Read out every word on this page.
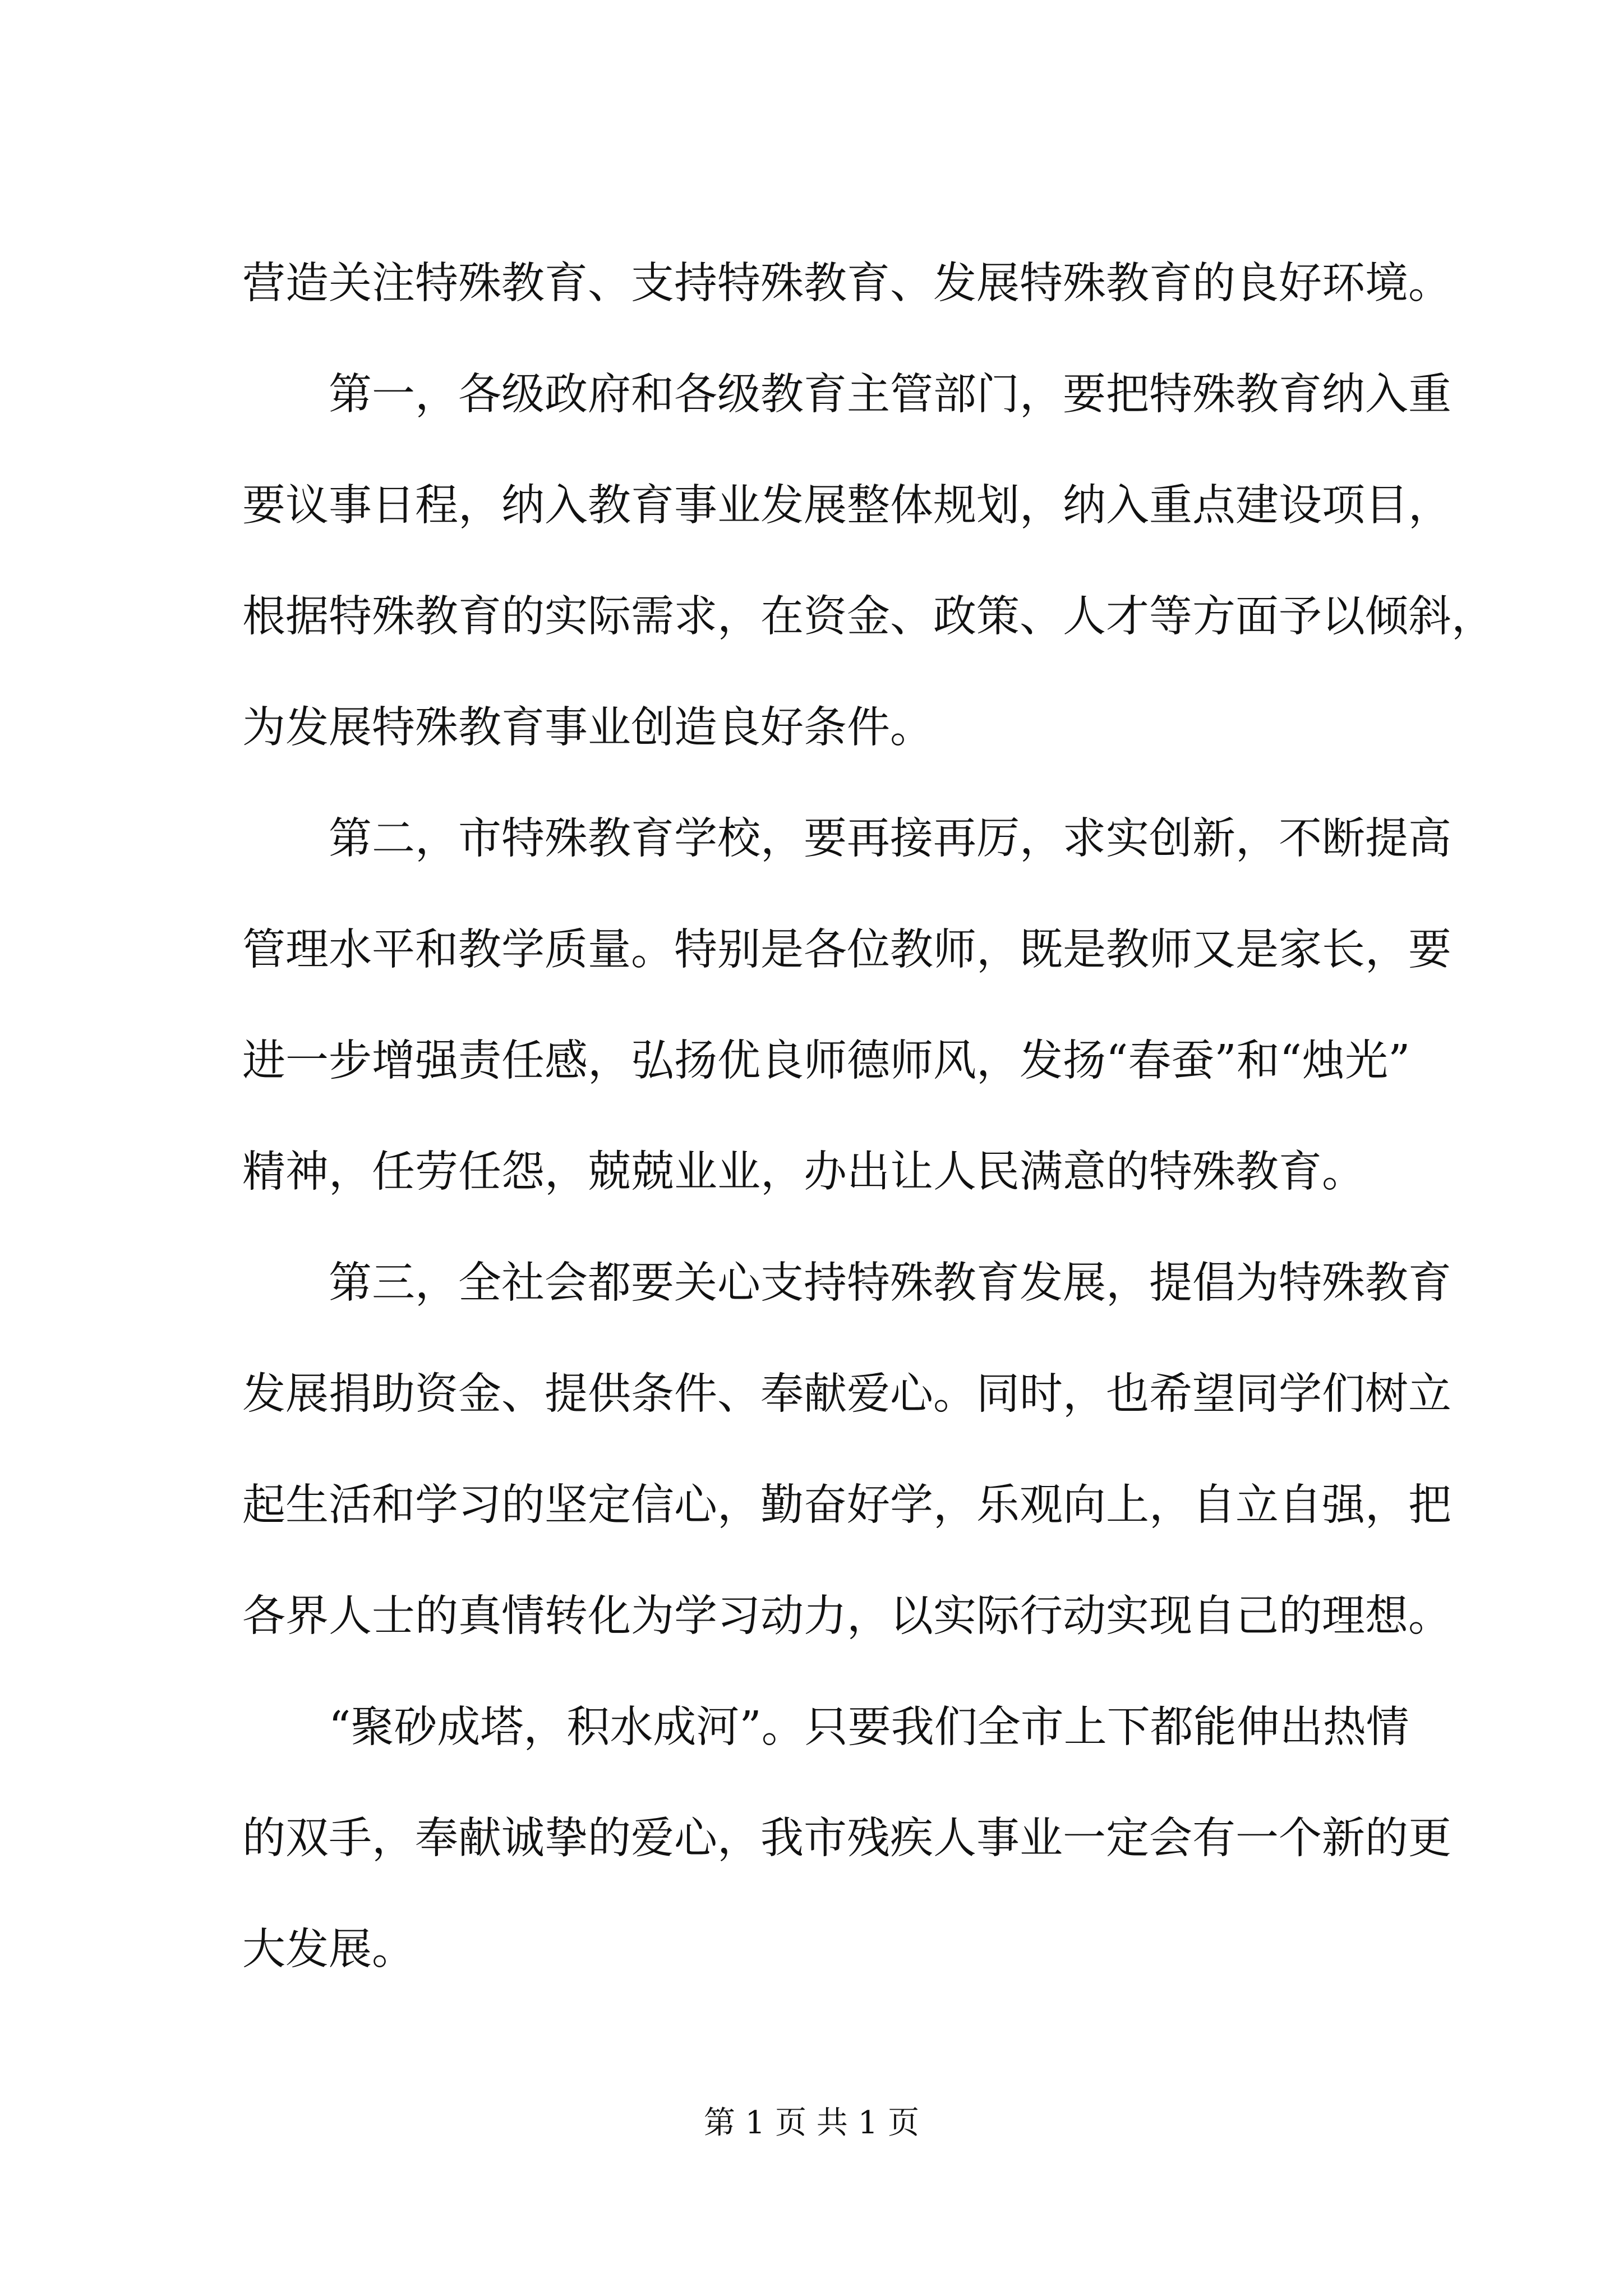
营造关注特殊教育、支持特殊教育、发展特殊教育的良好环境。
第一，各级政府和各级教育主管部门，要把特殊教育纳入重
要议事日程，纳入教育事业发展整体规划，纳入重点建设项目，
根据特殊教育的实际需求，在资金、政策、人才等方面予以倾斜，
为发展特殊教育事业创造良好条件。
第二，市特殊教育学校，要再接再厉，求实创新，不断提高
管理水平和教学质量。特别是各位教师，既是教师又是家长，要
进一步增强责任感，弘扬优良师德师风，发扬“春蚕”和“烛光”
精神，任劳任怨，兢兢业业，办出让人民满意的特殊教育。
第三，全社会都要关心支持特殊教育发展，提倡为特殊教育
发展捐助资金、提供条件、奉献爱心。同时，也希望同学们树立
起生活和学习的坚定信心，勤奋好学，乐观向上，自立自强，把
各界人士的真情转化为学习动力，以实际行动实现自己的理想。
“聚砂成塔，积水成河”。只要我们全市上下都能伸出热情
的双手，奉献诚挚的爱心，我市残疾人事业一定会有一个新的更
大发展。
第 1 页 共 1 页
